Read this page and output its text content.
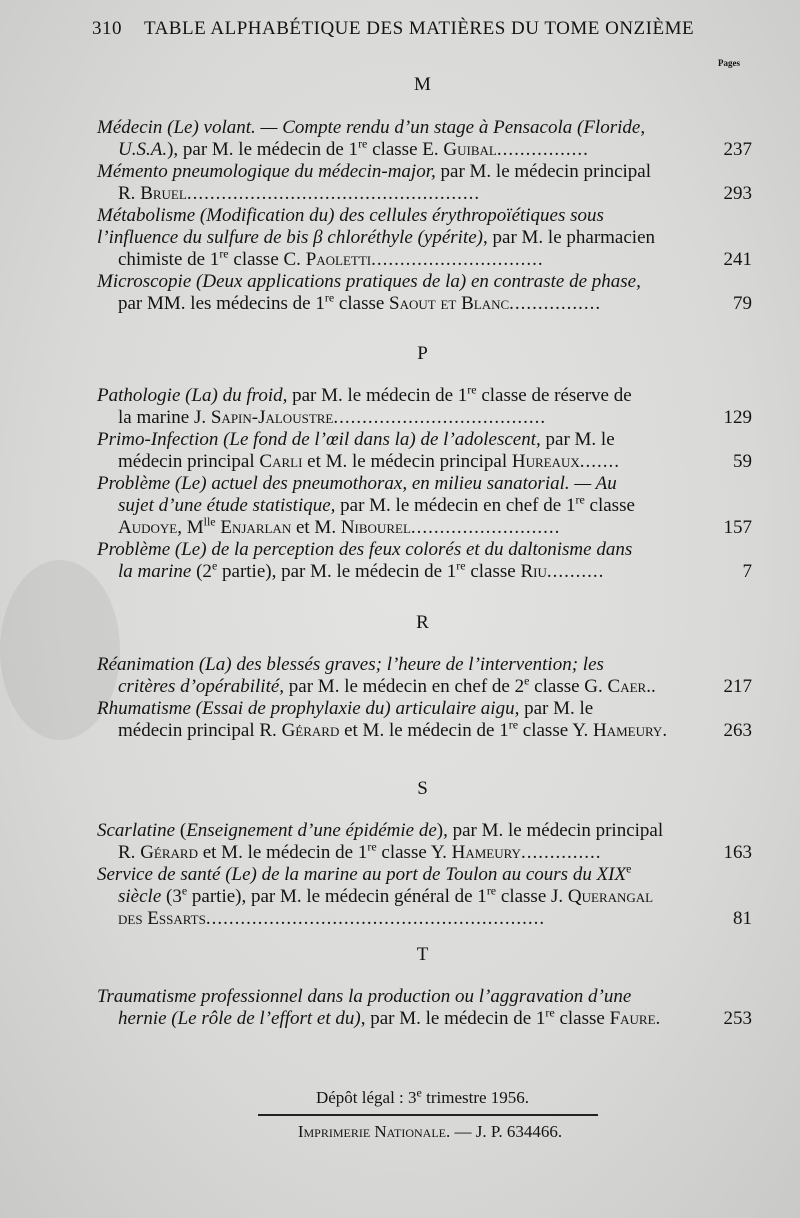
310 TABLE ALPHABÉTIQUE DES MATIÈRES DU TOME ONZIÈME
Pages
M
Médecin (Le) volant. — Compte rendu d’un stage à Pensacola (Floride,
U.S.A.), par M. le médecin de 1re classe E. Guibal................	237
Mémento pneumologique du médecin-major, par M. le médecin principal
R. Bruel...................................................	293
Métabolisme (Modification du) des cellules érythropoïétiques sous
l’influence du sulfure de bis β chloréthyle (ypérite), par M. le pharmacien
chimiste de 1re classe C. Paoletti..............................	241
Microscopie (Deux applications pratiques de la) en contraste de phase,
par MM. les médecins de 1re classe Saout et Blanc................	79
P
Pathologie (La) du froid, par M. le médecin de 1re classe de réserve de
la marine J. Sapin-Jaloustre.....................................	129
Primo-Infection (Le fond de l’œil dans la) de l’adolescent, par M. le
médecin principal Carli et M. le médecin principal Hureaux.......	59
Problème (Le) actuel des pneumothorax, en milieu sanatorial. — Au
sujet d’une étude statistique, par M. le médecin en chef de 1re classe
Audoye, $M^{lle}$ Enjarlan et M. Nibourel..........................	157
Problème (Le) de la perception des feux colorés et du daltonisme dans
la marine (2e partie), par M. le médecin de 1re classe Riu..........	7
R
Réanimation (La) des blessés graves; l’heure de l’intervention; les
critères d’opérabilité, par M. le médecin en chef de 2e classe G. Caer..	217
Rhumatisme (Essai de prophylaxie du) articulaire aigu, par M. le
médecin principal R. Gérard et M. le médecin de 1re classe Y. Hameury.	263
S
Scarlatine (Enseignement d’une épidémie de), par M. le médecin principal
R. Gérard et M. le médecin de 1re classe Y. Hameury..............	163
Service de santé (Le) de la marine au port de Toulon au cours du XIXe
siècle (3e partie), par M. le médecin général de 1re classe J. Querangal
des Essarts...........................................................	81
T
Traumatisme professionnel dans la production ou l’aggravation d’une
hernie (Le rôle de l’effort et du), par M. le médecin de 1re classe Faure.	253
Dépôt légal : 3e trimestre 1956.
Imprimerie Nationale. — J. P. 634466.
